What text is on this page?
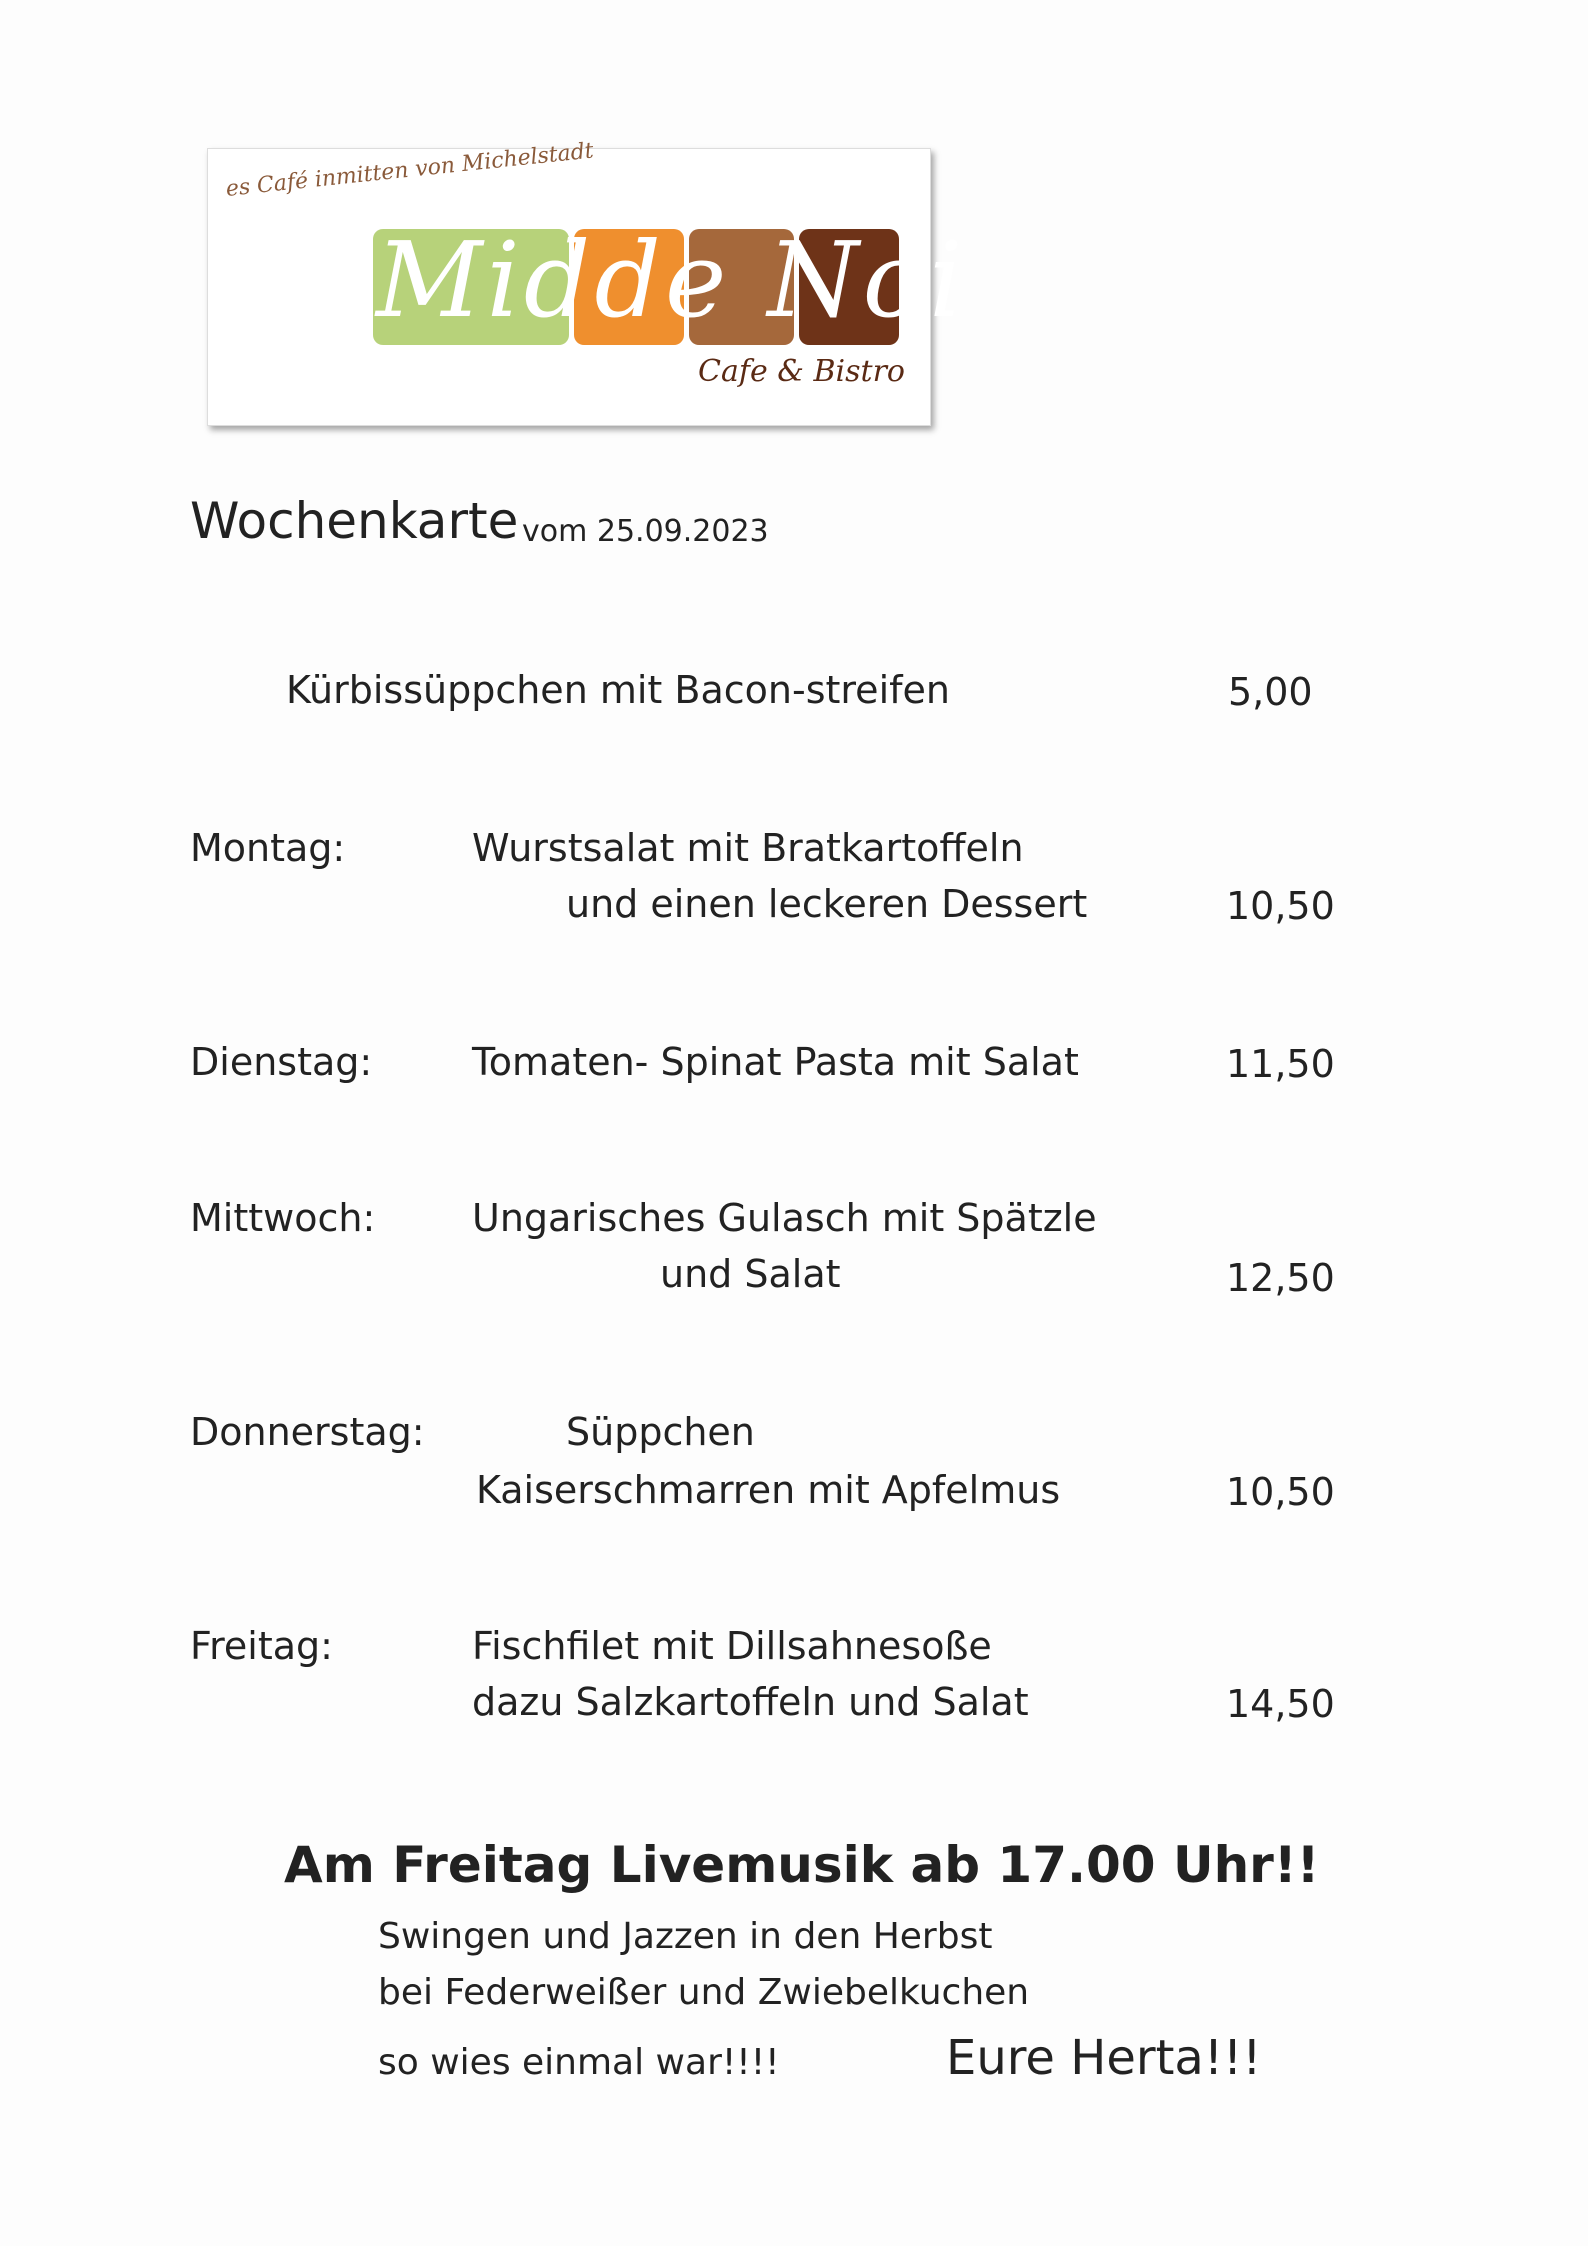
es Café inmitten von Michelstadt
Midde Noi
Cafe & Bistro
Wochenkarte vom 25.09.2023
Kürbissüppchen mit Bacon-streifen	5,00
Montag:	Wurstsalat mit Bratkartoffeln
und einen leckeren Dessert	10,50
Dienstag:	Tomaten- Spinat Pasta mit Salat	11,50
Mittwoch:	Ungarisches Gulasch mit Spätzle
und Salat	12,50
Donnerstag:	Süppchen
Kaiserschmarren mit Apfelmus	10,50
Freitag:	Fischfilet mit Dillsahnesoße
dazu Salzkartoffeln und Salat	14,50
Am Freitag Livemusik ab 17.00 Uhr!!
Swingen und Jazzen in den Herbst
bei Federweißer und Zwiebelkuchen
so wies einmal war!!!!	Eure Herta!!!
